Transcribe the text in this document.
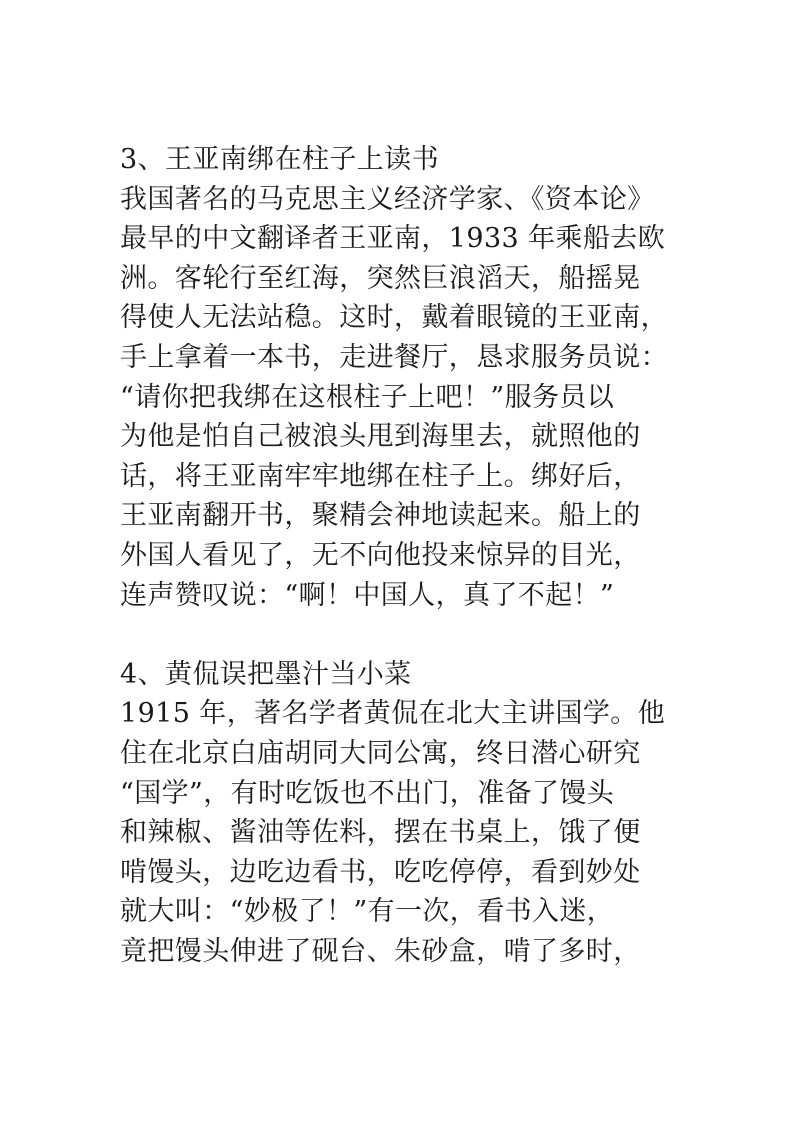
3、王亚南绑在柱子上读书
我国著名的马克思主义经济学家、《资本论》
最早的中文翻译者王亚南，1933 年乘船去欧
洲。客轮行至红海，突然巨浪滔天，船摇晃
得使人无法站稳。这时，戴着眼镜的王亚南，
手上拿着一本书，走进餐厅，恳求服务员说：
“请你把我绑在这根柱子上吧！”服务员以
为他是怕自己被浪头甩到海里去，就照他的
话，将王亚南牢牢地绑在柱子上。绑好后，
王亚南翻开书，聚精会神地读起来。船上的
外国人看见了，无不向他投来惊异的目光，
连声赞叹说：“啊！中国人，真了不起！”
4、黄侃误把墨汁当小菜
1915 年，著名学者黄侃在北大主讲国学。他
住在北京白庙胡同大同公寓，终日潜心研究
“国学”，有时吃饭也不出门，准备了馒头
和辣椒、酱油等佐料，摆在书桌上，饿了便
啃馒头，边吃边看书，吃吃停停，看到妙处
就大叫：“妙极了！”有一次，看书入迷，
竟把馒头伸进了砚台、朱砂盒，啃了多时，
